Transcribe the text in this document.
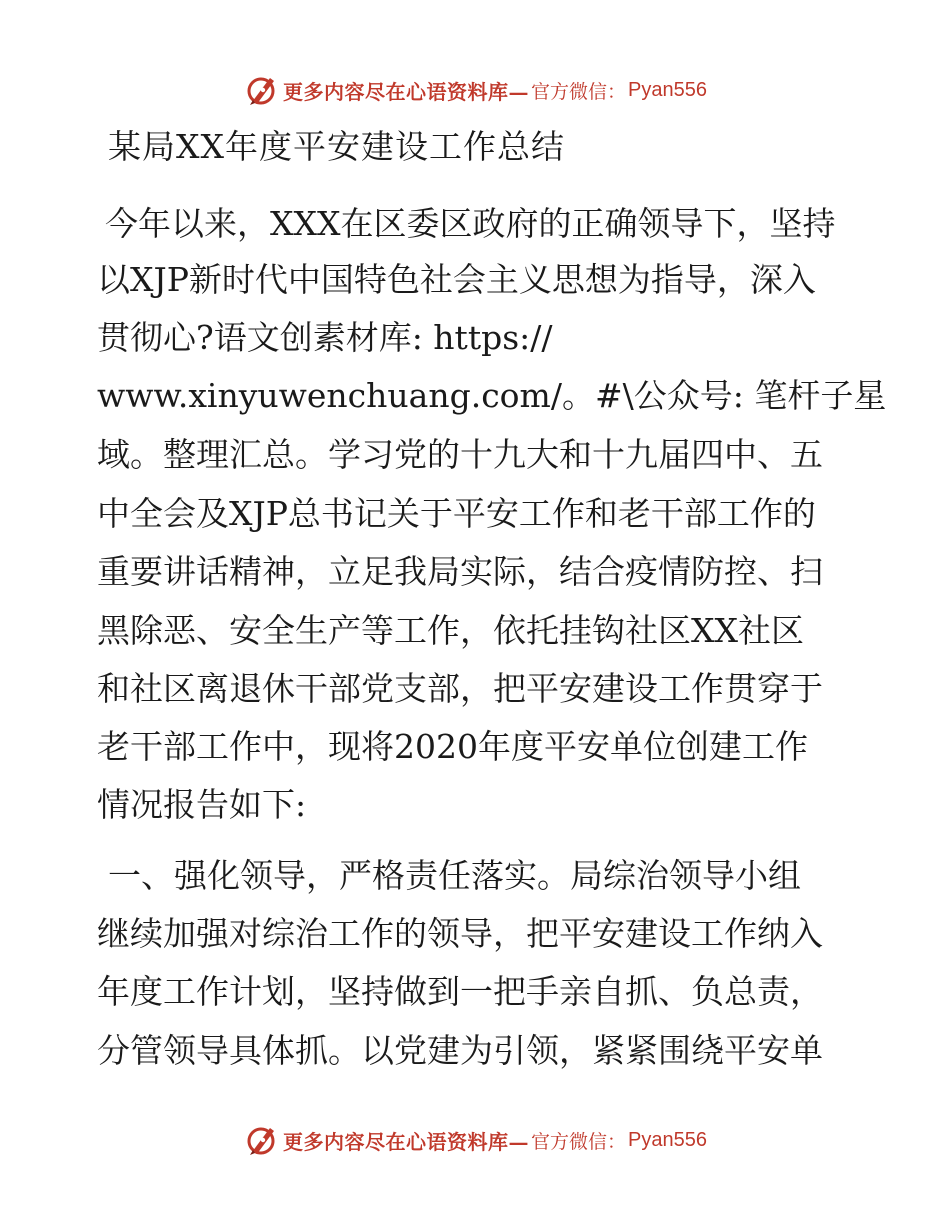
更多内容尽在心语资料库— 官方微信： Pyan556
某局XX年度平安建设工作总结

今年以来，XXX在区委区政府的正确领导下，坚持

以XJP新时代中国特色社会主义思想为指导，深入

贯彻心?语文创素材库: https://

www.xinyuwenchuang.com/。#\公众号: 笔杆子星

域。整理汇总。学习党的十九大和十九届四中、五

中全会及XJP总书记关于平安工作和老干部工作的

重要讲话精神，立足我局实际，结合疫情防控、扫

黑除恶、安全生产等工作，依托挂钩社区XX社区

和社区离退休干部党支部，把平安建设工作贯穿于

老干部工作中，现将2020年度平安单位创建工作

情况报告如下:

一、强化领导，严格责任落实。局综治领导小组

继续加强对综治工作的领导，把平安建设工作纳入

年度工作计划，坚持做到一把手亲自抓、负总责，

分管领导具体抓。以党建为引领，紧紧围绕平安单

更多内容尽在心语资料库— 官方微信： Pyan556
